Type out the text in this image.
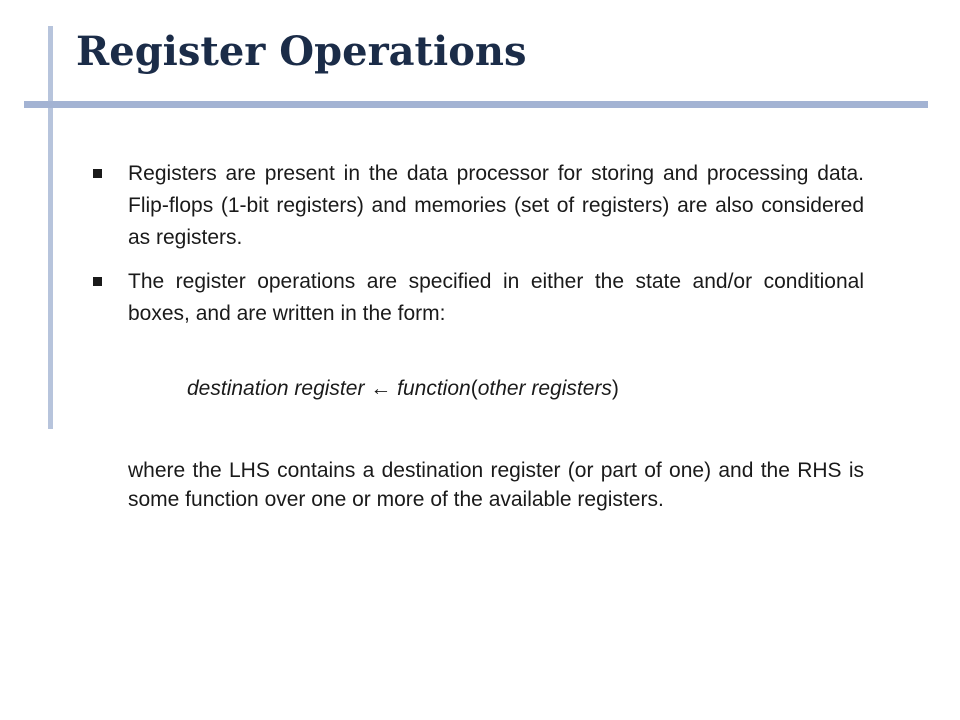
Register Operations
Registers are present in the data processor for storing and processing data. Flip-flops (1-bit registers) and memories (set of registers) are also considered as registers.
The register operations are specified in either the state and/or conditional boxes, and are written in the form:
destination register ← function(other registers)

where the LHS contains a destination register (or part of one) and the RHS is some function over one or more of the available registers.
